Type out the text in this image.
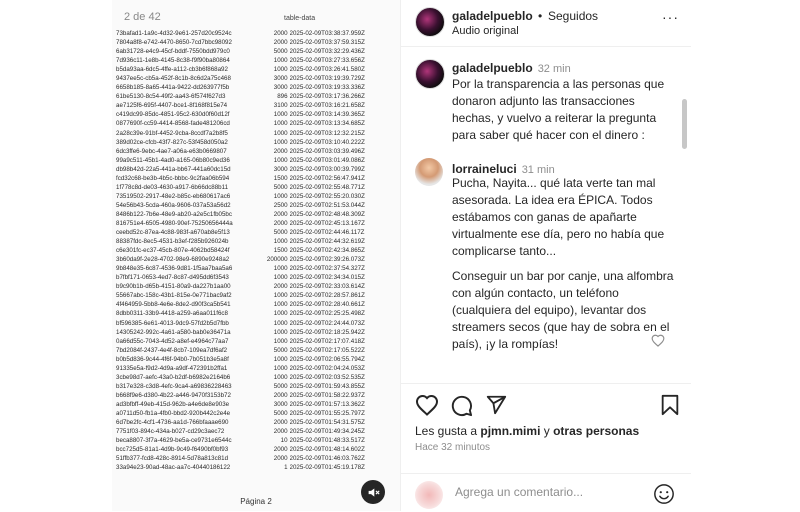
2 de 42	table-data
73bafad1-1a9c-4d32-9e61-257d20c9524c	2000 2025-02-09T03:38:37.959Z
7804a8f8-e742-4470-8650-7cd7bbc98092	2000 2025-02-09T03:37:59.315Z
6ab31728-e4c9-45cf-bddf-7550bdd979c0	5000 2025-02-09T03:32:29.436Z
7d936c11-1e8b-4145-8c38-f9f90ba80864	1000 2025-02-09T03:27:33.656Z
b5da93aa-6dc5-4ffe-a112-cb3b6f868a92	1000 2025-02-09T03:26:41.580Z
9437ee5c-cb5a-452f-8c1b-8c6d2a75c468	3000 2025-02-09T03:19:39.729Z
6658b185-8a65-441a-9422-dd263977f5b	3000 2025-02-09T03:19:33.336Z
61be5130-8c54-49f2-aa43-6f574f627d3	896 2025-02-09T03:17:36.266Z
ae7125f6-695f-4407-bce1-8f168f815e74	3100 2025-02-09T03:16:21.658Z
c419dc99-85dc-4851-95c2-630d0f60d12f	1000 2025-02-09T03:14:39.365Z
0877690f-cc59-4414-8568-fade481206cd	1000 2025-02-09T03:13:34.685Z
2a28c39e-91bf-4452-9cba-8ccdf7a2b8f5	1000 2025-02-09T03:12:32.215Z
389d02ce-cfcb-43f7-827c-53f458d050a2	1000 2025-02-09T03:10:40.222Z
6dc3ffe6-9ebc-4ae7-a06a-e63b0669807	2000 2025-02-09T03:03:39.496Z
99a9c511-45b1-4ad0-a165-06b80c9ed36	1000 2025-02-09T03:01:49.086Z
db98b42d-22a5-441a-bb67-441a60dc15d	3000 2025-02-09T03:00:39.799Z
fcd32c68-be3b-4b5c-bbbc-9c2faa06b594	1500 2025-02-09T02:56:47.941Z
1f778c8d-de03-4630-a917-6b66dc88b11	5000 2025-02-09T02:55:48.771Z
73519502-2917-48e2-b85c-eb680617ac6	1000 2025-02-09T02:55:20.030Z
54e56b43-5cda-460a-9606-037a53a56d2	2500 2025-02-09T02:51:53.044Z
8486b122-7b6e-48e9-ab20-a2e5c1fb05bc	2000 2025-02-09T02:48:48.309Z
816751e4-6505-4980-90ef-75250656444a	2000 2025-02-09T02:45:13.167Z
ceebd52c-87ea-4c88-983f-a670ab8e5f13	5000 2025-02-09T02:44:46.117Z
88387fdc-8ec5-4531-b3ef-f285b926024b	1000 2025-02-09T02:44:32.619Z
c6e301fc-ec37-45cb-807e-4062bd58424f	1500 2025-02-09T02:42:34.865Z
3b60da9f-2e28-4702-98e9-6890e9248a2	200000 2025-02-09T02:39:26.073Z
9b848e35-6c87-4536-9d81-1f5aa7baa5a6	1000 2025-02-09T02:37:54.327Z
b7fbf171-0653-4ed7-8c87-d495dd6f3543	1000 2025-02-09T02:34:34.015Z
b9c90b1b-d65b-4151-80a9-da227b1aa00	2000 2025-02-09T02:33:03.614Z
55667abc-158c-43b1-815e-0e771bac9af2	1000 2025-02-09T02:28:57.861Z
4f464959-5bb8-4e6e-8de2-d90f3ca5b541	1000 2025-02-09T02:28:40.661Z
8dbb0311-33b9-4418-a259-a6aa011f6c8	1000 2025-02-09T02:25:25.498Z
bf596385-6e61-4013-9dc9-57fd2b5d7fbb	1000 2025-02-09T02:24:44.073Z
14305242-992c-4a61-a580-bab0e36471a	1000 2025-02-09T02:18:25.942Z
0a66d55c-7043-4d52-a8ef-e4964c77aa7	1000 2025-02-09T02:17:07.418Z
7bd2084f-2437-4e4f-8cb7-109ea7df6af2	5000 2025-02-09T02:17:05.522Z
b0b5d836-9c44-4f6f-94b0-7b051b3e5a8f	1000 2025-02-09T02:06:55.794Z
91335e5a-f9d2-4d9a-a9df-472391b2ffa1	1000 2025-02-09T02:04:24.053Z
3cbe98d7-aefc-43a0-b2df-b6982e2164b6	1000 2025-02-09T02:03:52.535Z
b317e328-c3d8-4efc-9ca4-a69836228463	5000 2025-02-09T01:59:43.855Z
b668f9e6-d380-4b22-a446-9470f3153b72	2000 2025-02-09T01:58:22.937Z
ad3bfbff-49eb-415d-962b-a4e6de8e903e	3000 2025-02-09T01:57:13.362Z
a0711d50-fb1a-4fb0-bbd2-920b442c2e4e	5000 2025-02-09T01:55:25.797Z
6d7be2fc-4cf1-4736-aa1d-766bfaaae690	2000 2025-02-09T01:54:31.575Z
7751f03-894c-434a-b027-cd29c3aec72	2000 2025-02-09T01:49:34.245Z
beca8807-3f7a-4629-be5a-ce9731e6544c	10 2025-02-09T01:48:33.517Z
bcc725d5-81a1-4d9b-9c49-f6490bf0bf93	2000 2025-02-09T01:48:14.602Z
51ffb377-fcd8-428c-8914-5d78a813c81d	2000 2025-02-09T01:46:03.762Z
33a94e23-90ad-48ac-aa7c-40440186122	1 2025-02-09T01:45:19.178Z
Página 2
galadelpueblo • Seguidos
Audio original
···
galadelpueblo 32 min
Por la transparencia a las personas que donaron adjunto las transacciones hechas, y vuelvo a reiterar la pregunta para saber qué hacer con el dinero :
lorraineluci 31 min
Pucha, Nayita... qué lata verte tan mal asesorada. La idea era ÉPICA. Todos estábamos con ganas de apañarte virtualmente ese día, pero no había que complicarse tanto...
Conseguir un bar por canje, una alfombra con algún contacto, un teléfono (cualquiera del equipo), levantar dos streamers secos (que hay de sobra en el país), ¡y la rompías!
Les gusta a pjmn.mimi y otras personas
Hace 32 minutos
Agrega un comentario...
